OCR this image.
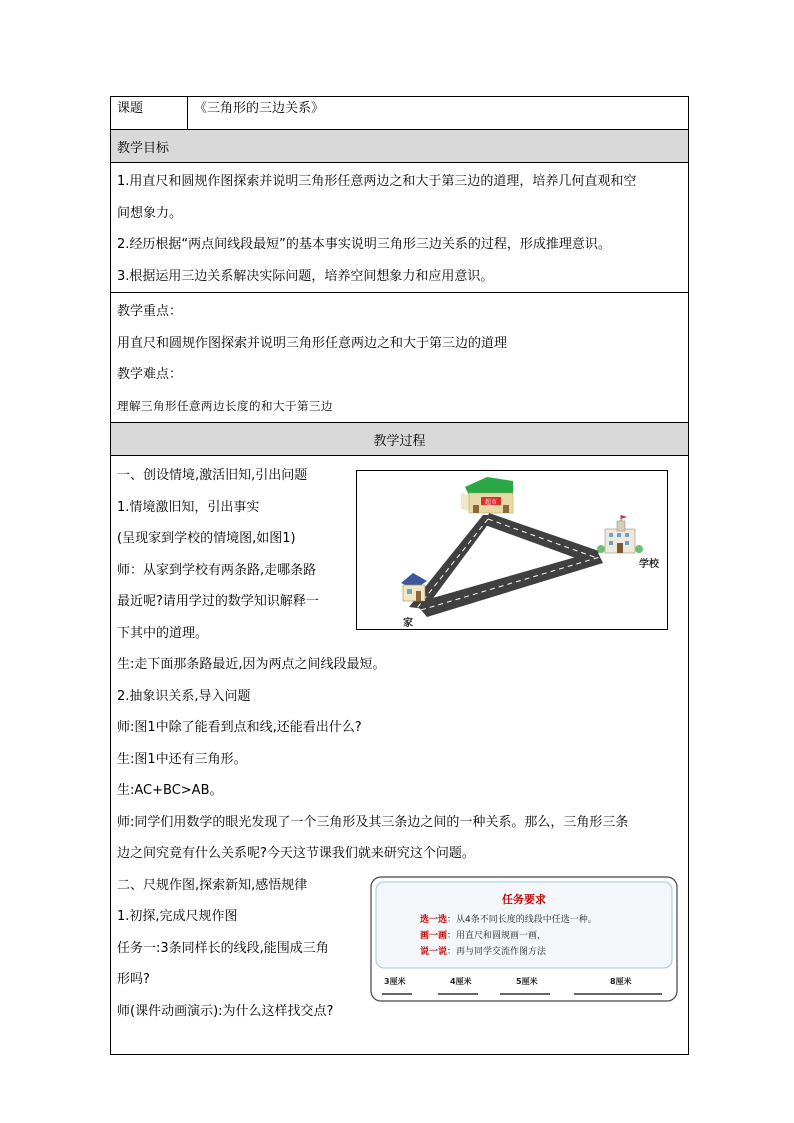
课题	《三角形的三边关系》
教学目标

1.用直尺和圆规作图探索并说明三角形任意两边之和大于第三边的道理，培养几何直观和空
间想象力。
2.经历根据“两点间线段最短”的基本事实说明三角形三边关系的过程，形成推理意识。
3.根据运用三边关系解决实际问题，培养空间想象力和应用意识。

教学重点：
用直尺和圆规作图探索并说明三角形任意两边之和大于第三边的道理
教学难点：
理解三角形任意两边长度的和大于第三边

教学过程

一、创设情境,激活旧知,引出问题
1.情境激旧知，引出事实
(呈现家到学校的情境图,如图1)
师：从家到学校有两条路,走哪条路
最近呢?请用学过的数学知识解释一
下其中的道理。
生:走下面那条路最近,因为两点之间线段最短。
2.抽象识关系,导入问题
师:图1中除了能看到点和线,还能看出什么?
生:图1中还有三角形。
生:AC+BC>AB。
师:同学们用数学的眼光发现了一个三角形及其三条边之间的一种关系。那么，三角形三条
边之间究竟有什么关系呢?今天这节课我们就来研究这个问题。
二、尺规作图,探索新知,感悟规律
1.初探,完成尺规作图
任务一:3条同样长的线段,能围成三角
形吗?
师(课件动画演示):为什么这样找交点?
超市
学校
家
任务要求
选一选：从4条不同长度的线段中任选一种。
画一画：用直尺和圆规画一画，
说一说：再与同学交流作图方法
3厘米	4厘米	5厘米	8厘米
